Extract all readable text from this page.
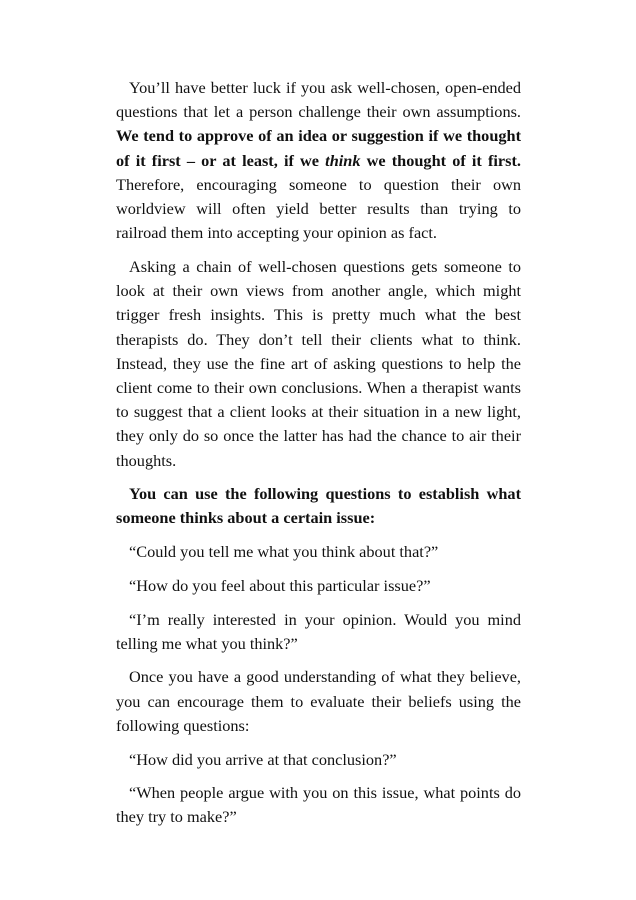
You’ll have better luck if you ask well-chosen, open-ended questions that let a person challenge their own assumptions. We tend to approve of an idea or suggestion if we thought of it first – or at least, if we think we thought of it first. Therefore, encouraging someone to question their own worldview will often yield better results than trying to railroad them into accepting your opinion as fact.

Asking a chain of well-chosen questions gets someone to look at their own views from another angle, which might trigger fresh insights. This is pretty much what the best therapists do. They don’t tell their clients what to think. Instead, they use the fine art of asking questions to help the client come to their own conclusions. When a therapist wants to suggest that a client looks at their situation in a new light, they only do so once the latter has had the chance to air their thoughts.

You can use the following questions to establish what someone thinks about a certain issue:

“Could you tell me what you think about that?”

“How do you feel about this particular issue?”

“I’m really interested in your opinion. Would you mind telling me what you think?”

Once you have a good understanding of what they believe, you can encourage them to evaluate their beliefs using the following questions:

“How did you arrive at that conclusion?”

“When people argue with you on this issue, what points do they try to make?”
